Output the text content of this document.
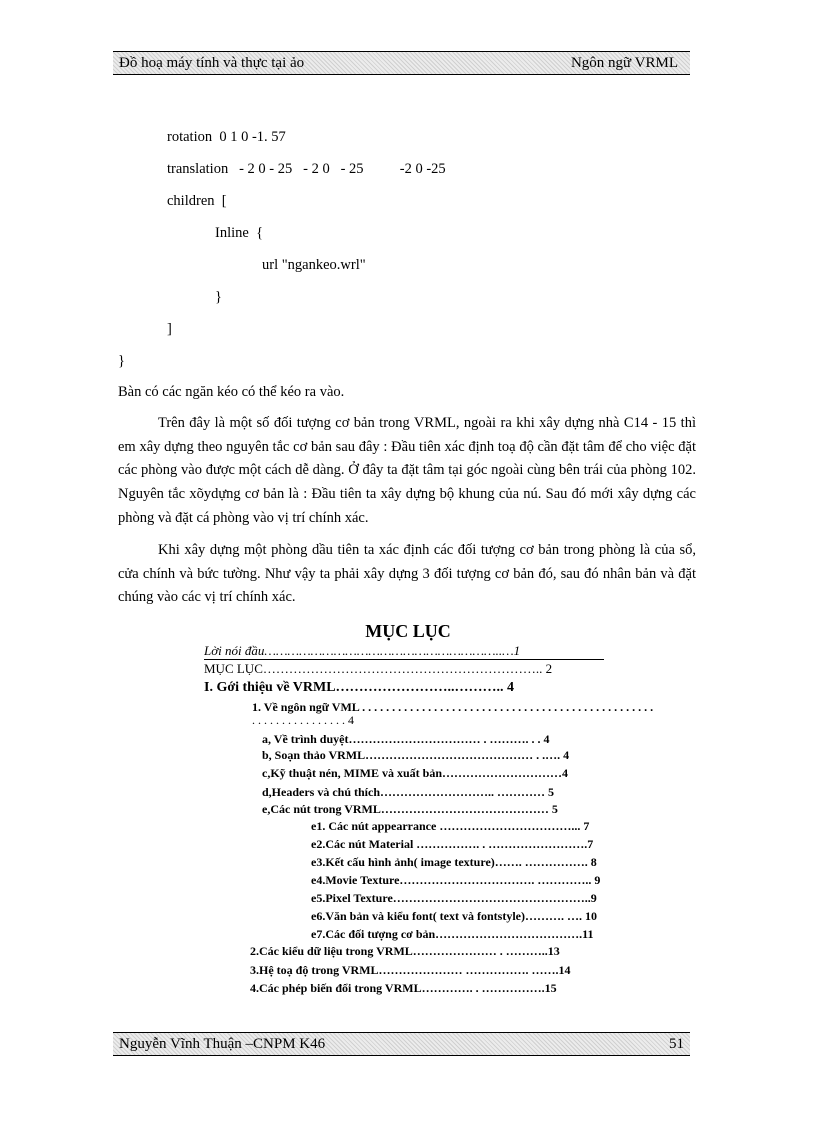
Đồ hoạ máy tính và thực tại ảo	Ngôn ngữ VRML
rotation  0 1 0 -1. 57
translation   - 2 0 - 25   - 2 0   - 25          -2 0 -25
children  [
Inline  {
url "ngankeo.wrl"
}
]
}

Bàn có các ngăn kéo có thể kéo ra vào.

Trên đây là một số đối tượng cơ bản trong VRML, ngoài ra khi xây dựng nhà C14 - 15 thì em xây dựng theo nguyên tắc cơ bản sau đây : Đầu tiên xác định toạ độ cần đặt tâm để cho việc đặt các phòng vào được một cách dễ dàng. Ở đây ta đặt tâm tại góc ngoài cùng bên trái của phòng 102. Nguyên tắc xõydựng cơ bản là : Đầu tiên ta xây dựng bộ khung của nú. Sau đó mới xây dựng các phòng và đặt cá phòng vào vị trí chính xác.

Khi xây dựng một phòng dầu tiên ta xác định các đối tượng cơ bản trong phòng là của sổ, cửa chính và bức tường. Như vậy ta phải xây dựng 3 đối tượng cơ bản đó, sau đó nhân bản và đặt chúng vào các vị trí chính xác.

MỤC LỤC
Lời nói đầu……………………………………………………..…1
MỤC LỤC……………………………………………………….. 2
I. Gới thiệu về VRML……………………..……….. 4
1. Về ngôn ngữ VML . . . . . . . . . . . . . . . . . . . . . . . . . . . . . . . . . . . . . . . . . . . . . . . . .
. . . . . . . . . . . . . . . . 4
a, Về trình duyệt…………………………… . ………. . . 4
b, Soạn thảo VRML…………………………………… . .…. 4
c,Kỹ thuật nén, MIME và xuất bản…………………………4
d,Headers và chú thích……………………….. ………… 5
e,Các nút trong VRML…………………………………… 5
e1. Các nút appearrance ……………………………... 7
e2.Các nút Material ……………. . …………………….7
e3.Kết cấu hình ảnh( image texture)……. ……………. 8
e4.Movie Texture……………………………. ………….. 9
e5.Pixel Texture…………………………………………..9
e6.Văn bản và kiểu font( text và fontstyle)………. …. 10
e7.Các đối tượng cơ bản……………………………….11
2.Các kiểu dữ liệu trong VRML………………… . ………..13
3.Hệ toạ độ trong VRML………………… ……………. …….14
4.Các phép biến đổi trong VRML…………. . …………….15
Nguyễn Vĩnh Thuận –CNPM K46	51
